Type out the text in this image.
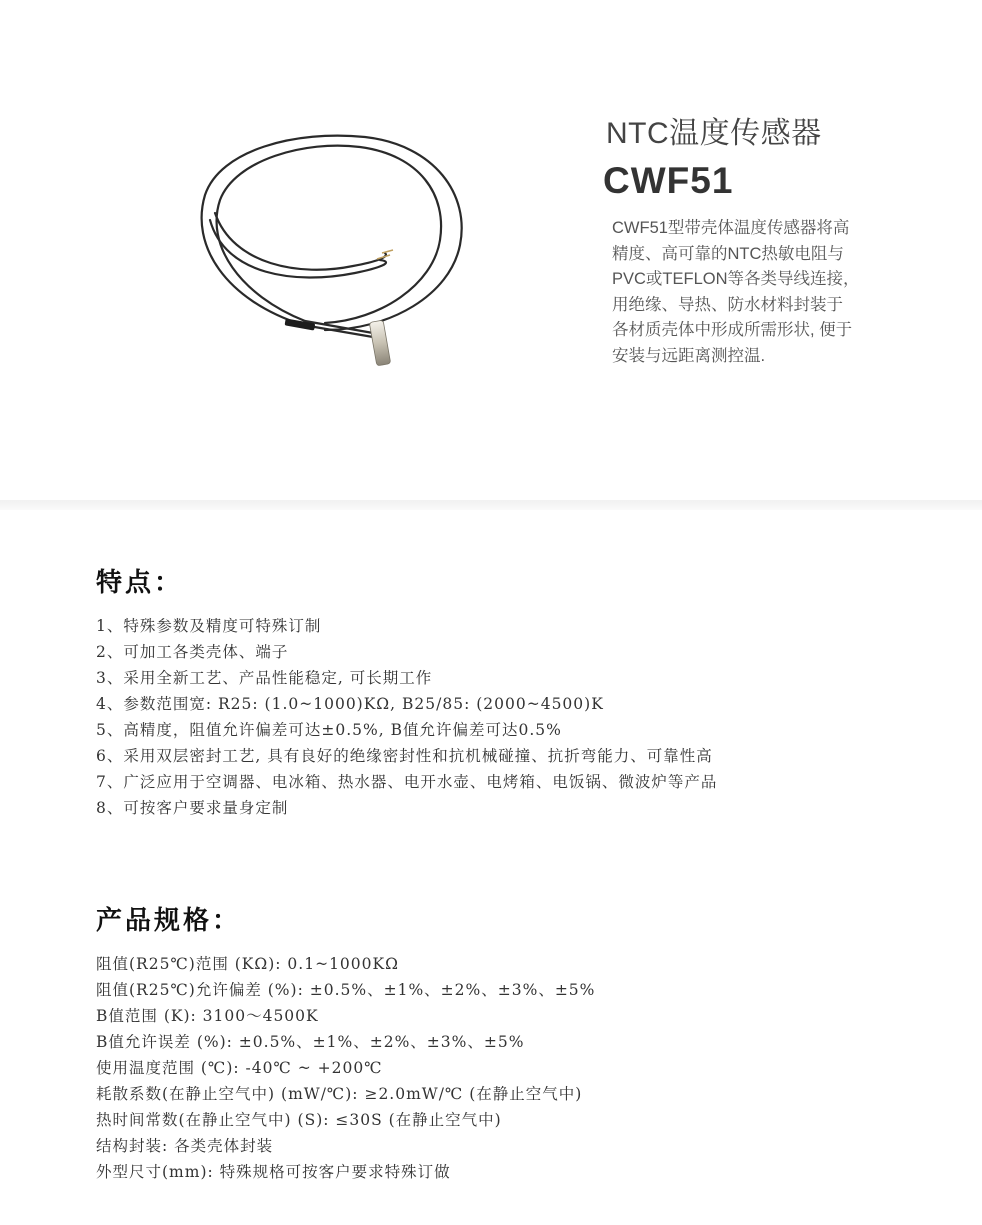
NTC温度传感器
CWF51
CWF51型带壳体温度传感器将高
精度、高可靠的NTC热敏电阻与
PVC或TEFLON等各类导线连接，
用绝缘、导热、防水材料封装于
各材质壳体中形成所需形状, 便于
安装与远距离测控温.
特点：
1、特殊参数及精度可特殊订制
2、可加工各类壳体、端子
3、采用全新工艺、产品性能稳定, 可长期工作
4、参数范围宽: R25: (1.0~1000)KΩ, B25/85: (2000~4500)K
5、高精度，阻值允许偏差可达±0.5%, B值允许偏差可达0.5%
6、采用双层密封工艺, 具有良好的绝缘密封性和抗机械碰撞、抗折弯能力、可靠性高
7、广泛应用于空调器、电冰箱、热水器、电开水壶、电烤箱、电饭锅、微波炉等产品
8、可按客户要求量身定制
产品规格：
阻值(R25℃)范围 (KΩ): 0.1~1000KΩ
阻值(R25℃)允许偏差 (%): ±0.5%、±1%、±2%、±3%、±5%
B值范围 (K): 3100～4500K
B值允许误差 (%): ±0.5%、±1%、±2%、±3%、±5%
使用温度范围 (℃): -40℃ ~ +200℃
耗散系数(在静止空气中) (mW/℃): ≥2.0mW/℃ (在静止空气中)
热时间常数(在静止空气中) (S): ≤30S (在静止空气中)
结构封装: 各类壳体封装
外型尺寸(mm): 特殊规格可按客户要求特殊订做
